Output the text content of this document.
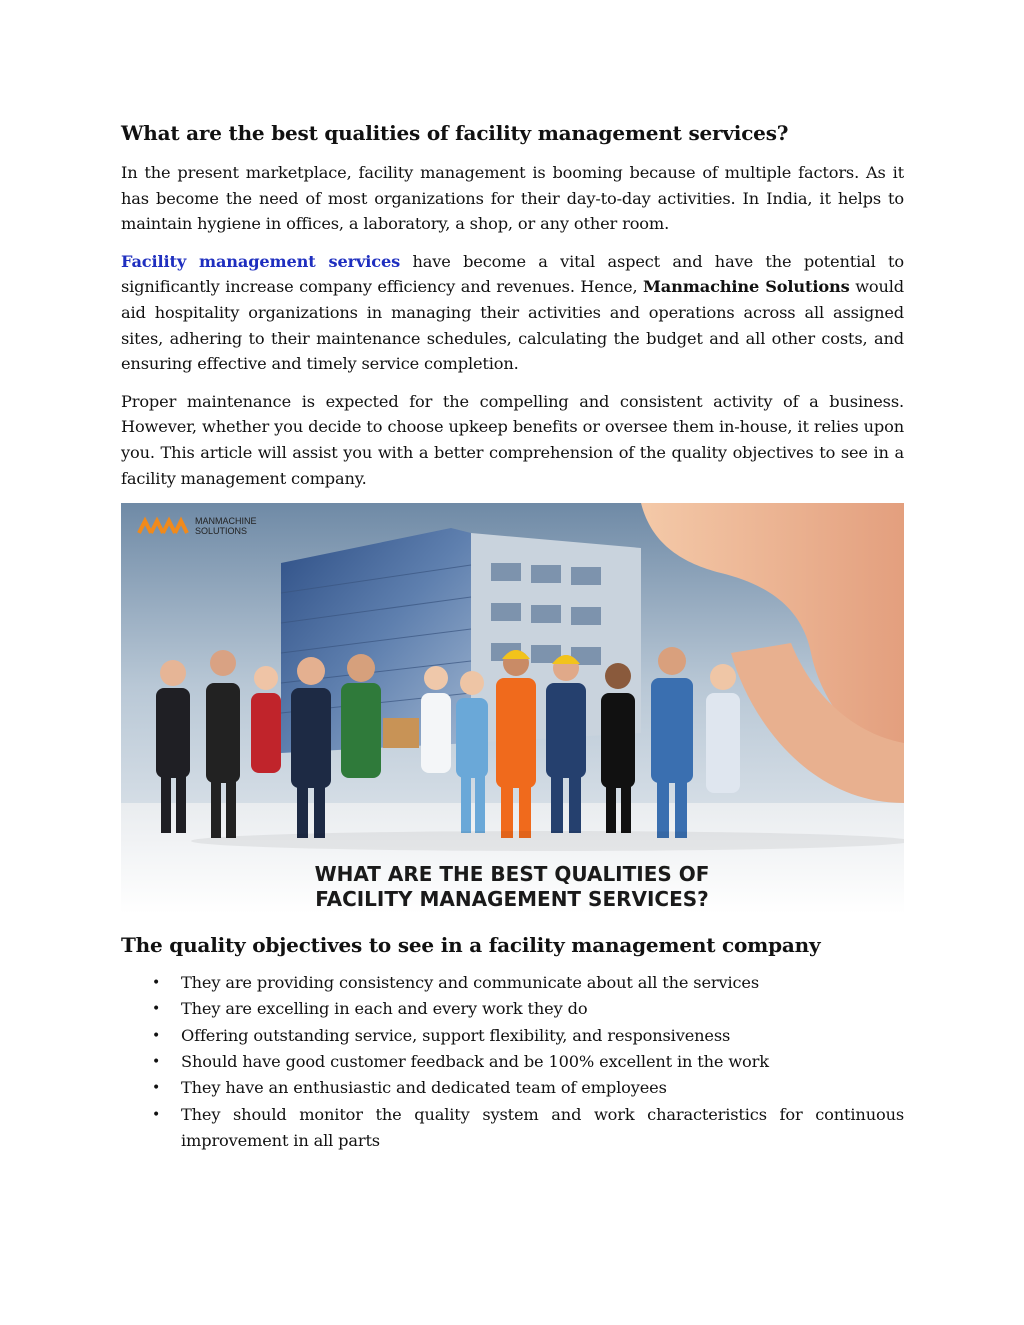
What are the best qualities of facility management services?

In the present marketplace, facility management is booming because of multiple factors. As it has become the need of most organizations for their day-to-day activities. In India, it helps to maintain hygiene in offices, a laboratory, a shop, or any other room.

Facility management services have become a vital aspect and have the potential to significantly increase company efficiency and revenues. Hence, Manmachine Solutions would aid hospitality organizations in managing their activities and operations across all assigned sites, adhering to their maintenance schedules, calculating the budget and all other costs, and ensuring effective and timely service completion.

Proper maintenance is expected for the compelling and consistent activity of a business. However, whether you decide to choose upkeep benefits or oversee them in-house, it relies upon you. This article will assist you with a better comprehension of the quality objectives to see in a facility management company.

MANMACHINE
SOLUTIONS
WHAT ARE THE BEST QUALITIES OF
FACILITY MANAGEMENT SERVICES?
The quality objectives to see in a facility management company
• They are providing consistency and communicate about all the services
• They are excelling in each and every work they do
• Offering outstanding service, support flexibility, and responsiveness
• Should have good customer feedback and be 100% excellent in the work
• They have an enthusiastic and dedicated team of employees
• They should monitor the quality system and work characteristics for continuous improvement in all parts
